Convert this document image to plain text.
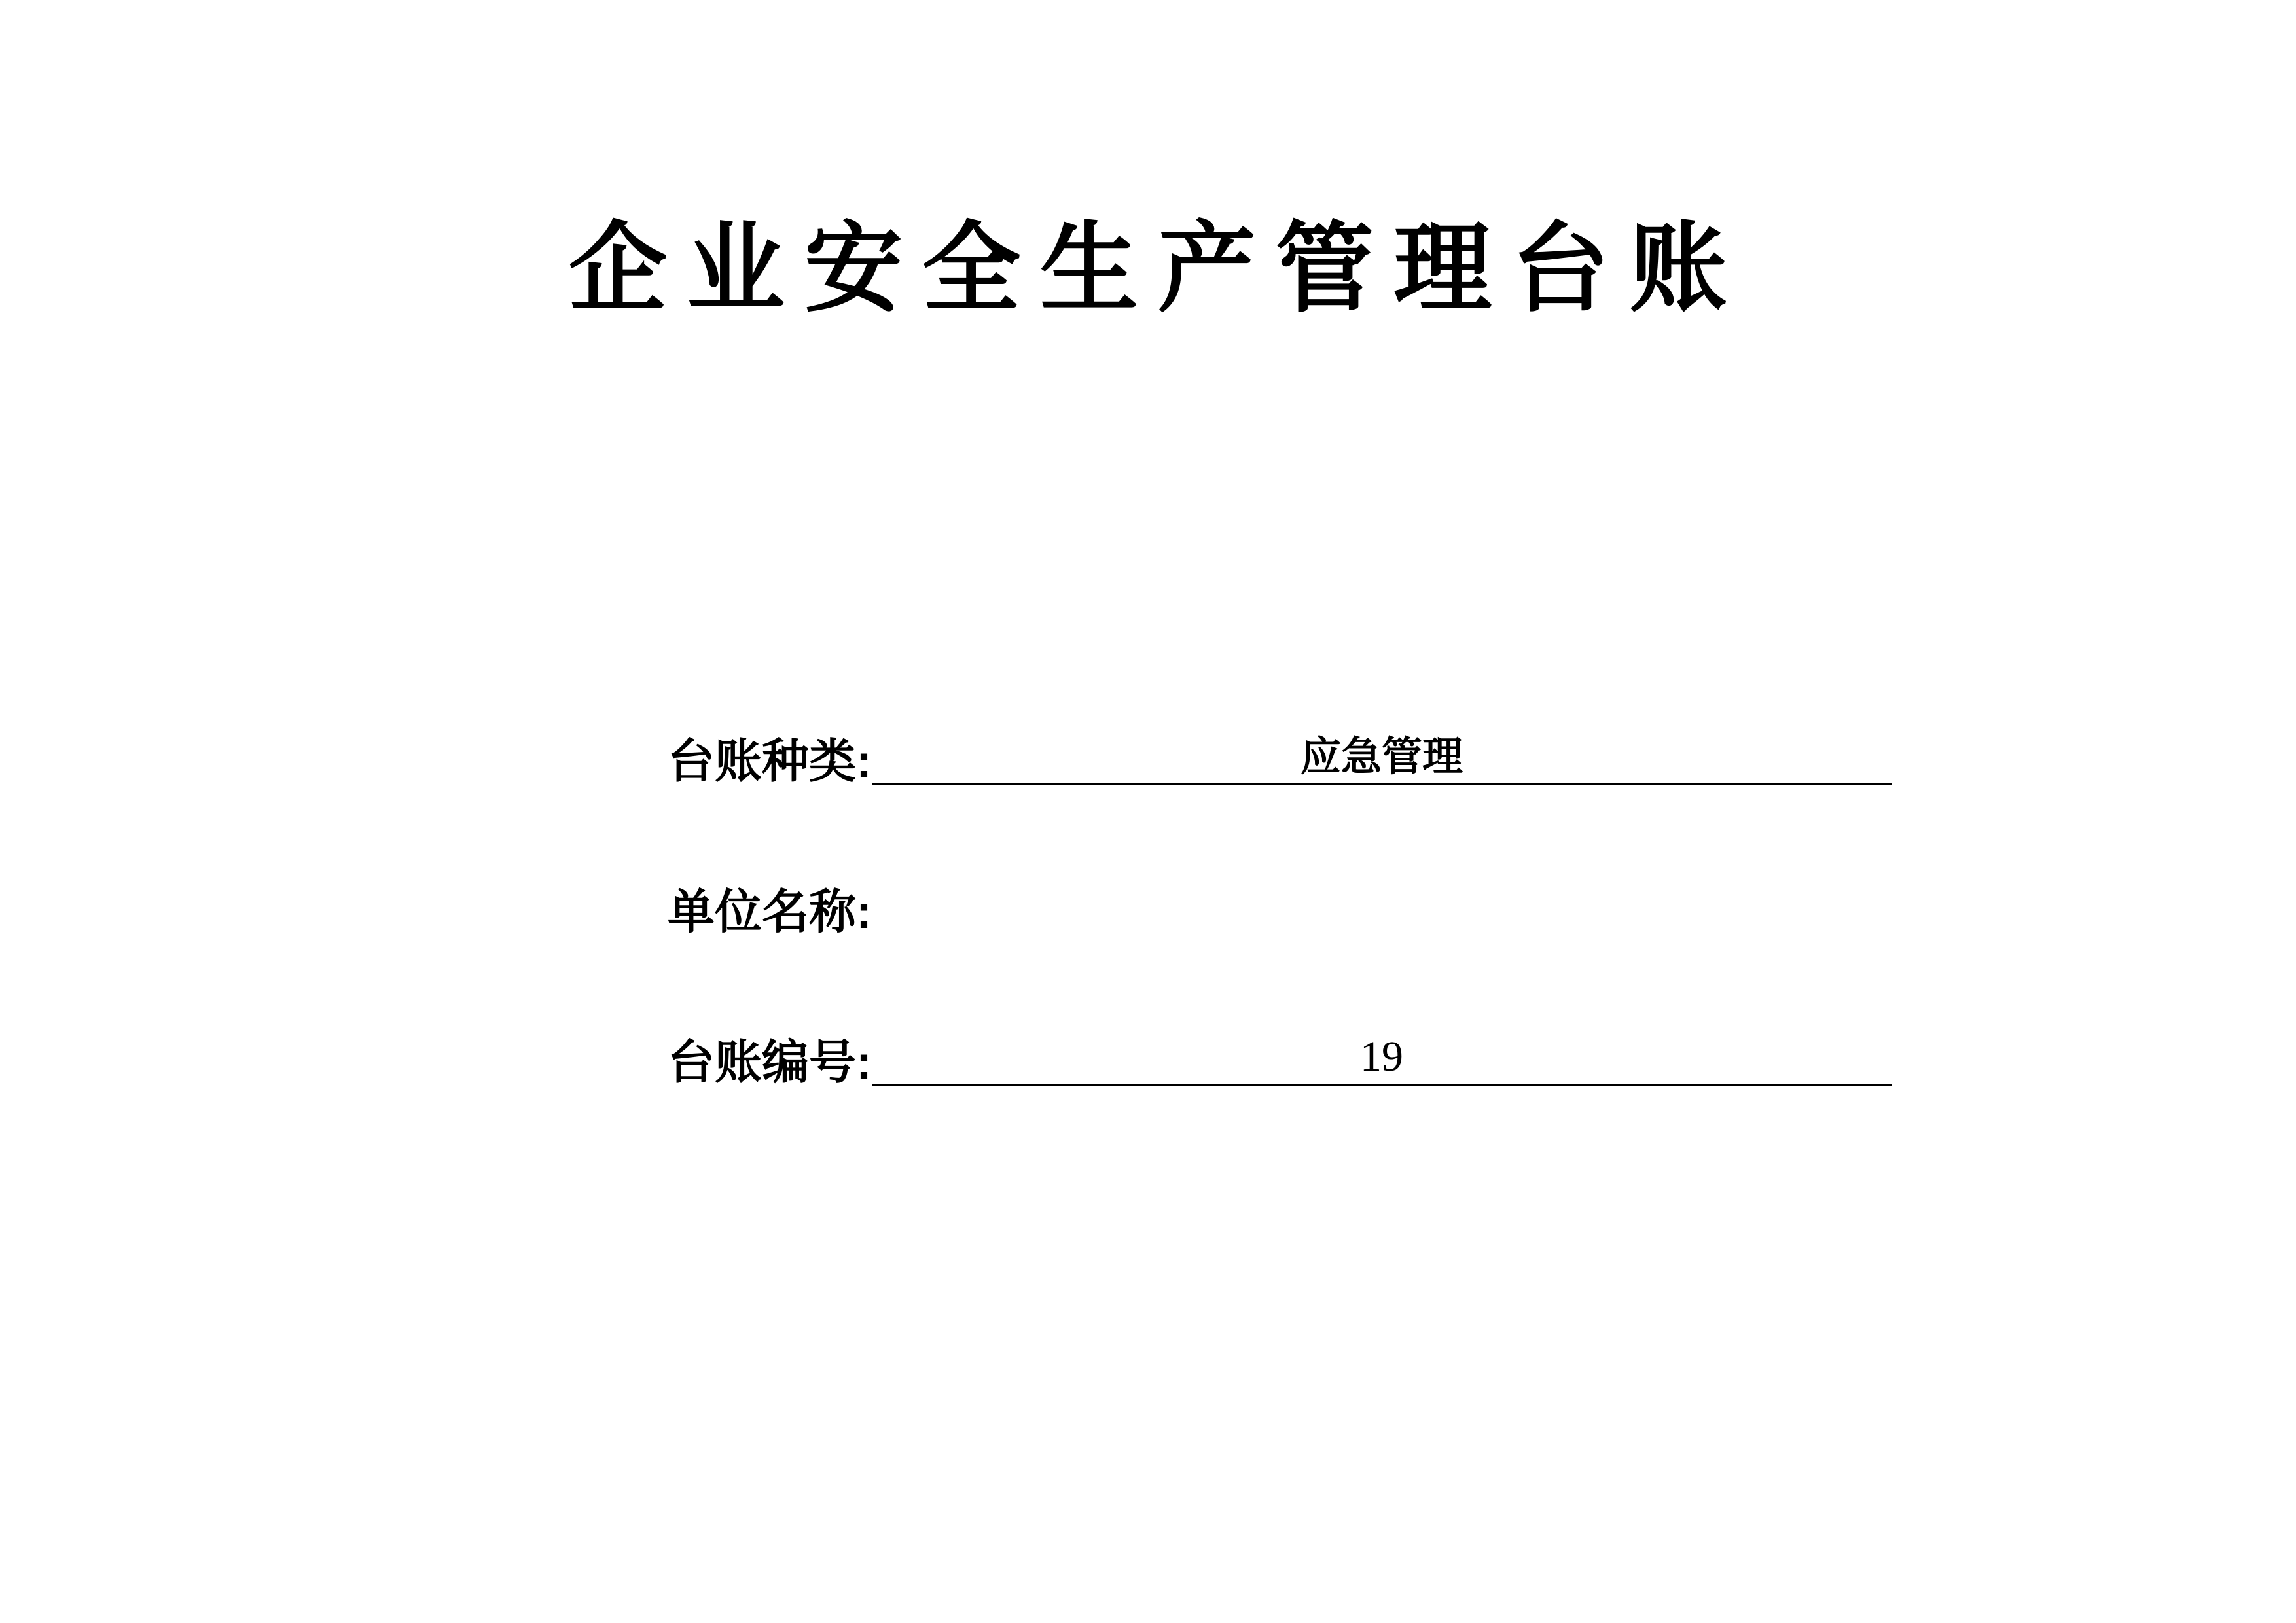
企业安全生产管理台账
台账种类:	应急管理
单位名称:
台账编号:	19
